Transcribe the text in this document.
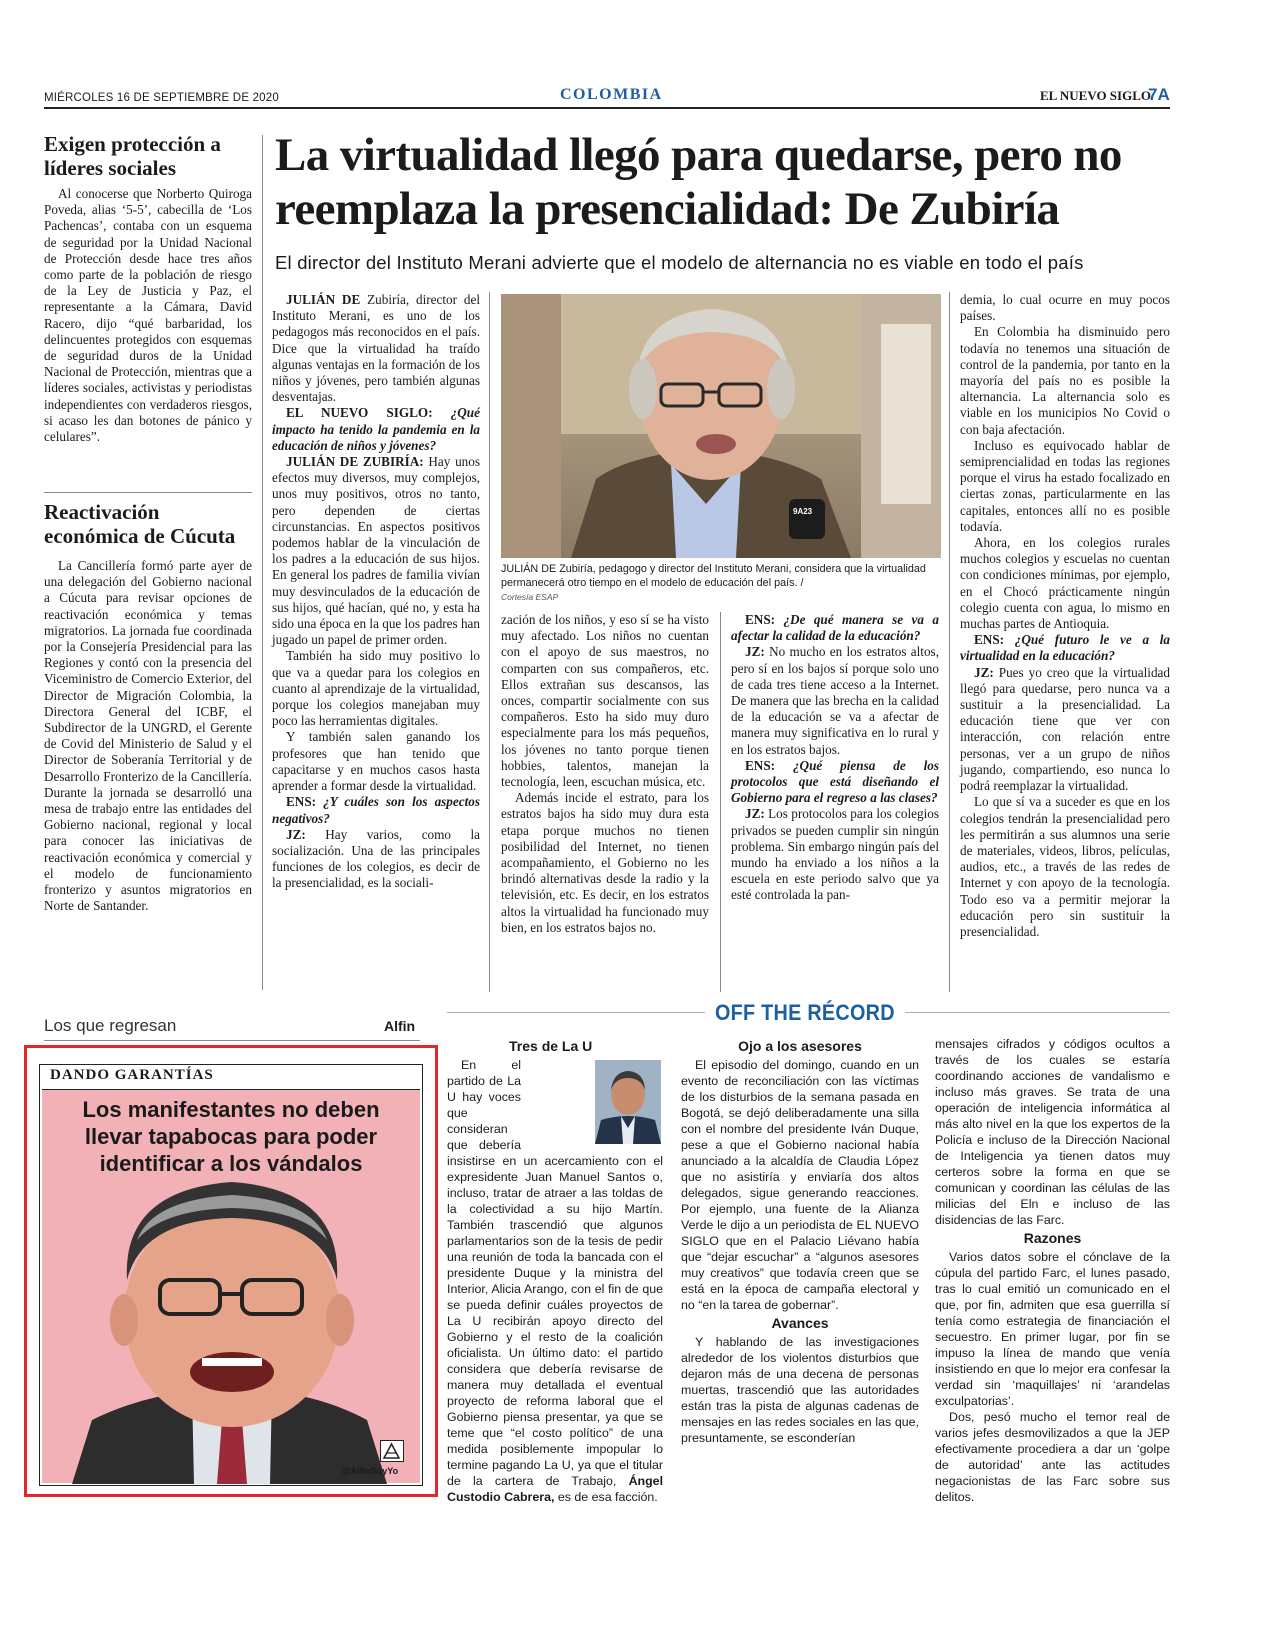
MIÉRCOLES 16 DE SEPTIEMBRE DE 2020	COLOMBIA	EL NUEVO SIGLO
7A
Exigen protección a líderes sociales

Al conocerse que Norberto Quiroga Poveda, alias ‘5-5’, cabecilla de ‘Los Pachencas’, contaba con un esquema de seguridad por la Unidad Nacional de Protección desde hace tres años como parte de la población de riesgo de la Ley de Justicia y Paz, el representante a la Cámara, David Racero, dijo “qué barbaridad, los delincuentes protegidos con esquemas de seguridad duros de la Unidad Nacional de Protección, mientras que a líderes sociales, activistas y periodistas independientes con verdaderos riesgos, si acaso les dan botones de pánico y celulares”.

Reactivación económica de Cúcuta

La Cancillería formó parte ayer de una delegación del Gobierno nacional a Cúcuta para revisar opciones de reactivación económica y temas migratorios. La jornada fue coordinada por la Consejería Presidencial para las Regiones y contó con la presencia del Viceministro de Comercio Exterior, del Director de Migración Colombia, la Directora General del ICBF, el Subdirector de la UNGRD, el Gerente de Covid del Ministerio de Salud y el Director de Soberanía Territorial y de Desarrollo Fronterizo de la Cancillería. Durante la jornada se desarrolló una mesa de trabajo entre las entidades del Gobierno nacional, regional y local para conocer las iniciativas de reactivación económica y comercial y el modelo de funcionamiento fronterizo y asuntos migratorios en Norte de Santander.

La virtualidad llegó para quedarse, pero no reemplaza la presencialidad: De Zubiría
El director del Instituto Merani advierte que el modelo de alternancia no es viable en todo el país

JULIÁN DE Zubiría, director del Instituto Merani, es uno de los pedagogos más reconocidos en el país. Dice que la virtualidad ha traído algunas ventajas en la formación de los niños y jóvenes, pero también algunas desventajas.

EL NUEVO SIGLO: ¿Qué impacto ha tenido la pandemia en la educación de niños y jóvenes?

JULIÁN DE ZUBIRÍA: Hay unos efectos muy diversos, muy complejos, unos muy positivos, otros no tanto, pero dependen de ciertas circunstancias. En aspectos positivos podemos hablar de la vinculación de los padres a la educación de sus hijos. En general los padres de familia vivían muy desvinculados de la educación de sus hijos, qué hacían, qué no, y esta ha sido una época en la que los padres han jugado un papel de primer orden.

También ha sido muy positivo lo que va a quedar para los colegios en cuanto al aprendizaje de la virtualidad, porque los colegios manejaban muy poco las herramientas digitales.

Y también salen ganando los profesores que han tenido que capacitarse y en muchos casos hasta aprender a formar desde la virtualidad.

ENS: ¿Y cuáles son los aspectos negativos?

JZ: Hay varios, como la socialización. Una de las principales funciones de los colegios, es decir de la presencialidad, es la sociali-

9A23
JULIÁN DE Zubiría, pedagogo y director del Instituto Merani, considera que la virtualidad permanecerá otro tiempo en el modelo de educación del país. /
Cortesía ESAP

zación de los niños, y eso sí se ha visto muy afectado. Los niños no cuentan con el apoyo de sus maestros, no comparten con sus compañeros, etc. Ellos extrañan sus descansos, las onces, compartir socialmente con sus compañeros. Esto ha sido muy duro especialmente para los más pequeños, los jóvenes no tanto porque tienen hobbies, talentos, manejan la tecnología, leen, escuchan música, etc.

Además incide el estrato, para los estratos bajos ha sido muy dura esta etapa porque muchos no tienen posibilidad del Internet, no tienen acompañamiento, el Gobierno no les brindó alternativas desde la radio y la televisión, etc. Es decir, en los estratos altos la virtualidad ha funcionado muy bien, en los estratos bajos no.

ENS: ¿De qué manera se va a afectar la calidad de la educación?

JZ: No mucho en los estratos altos, pero sí en los bajos sí porque solo uno de cada tres tiene acceso a la Internet. De manera que las brecha en la calidad de la educación se va a afectar de manera muy significativa en lo rural y en los estratos bajos.

ENS: ¿Qué piensa de los protocolos que está diseñando el Gobierno para el regreso a las clases?

JZ: Los protocolos para los colegios privados se pueden cumplir sin ningún problema. Sin embargo ningún país del mundo ha enviado a los niños a la escuela en este periodo salvo que ya esté controlada la pan-

demia, lo cual ocurre en muy pocos países.

En Colombia ha disminuido pero todavía no tenemos una situación de control de la pandemia, por tanto en la mayoría del país no es posible la alternancia. La alternancia solo es viable en los municipios No Covid o con baja afectación.

Incluso es equivocado hablar de semiprencialidad en todas las regiones porque el virus ha estado focalizado en ciertas zonas, particularmente en las capitales, entonces allí no es posible todavía.

Ahora, en los colegios rurales muchos colegios y escuelas no cuentan con condiciones mínimas, por ejemplo, en el Chocó prácticamente ningún colegio cuenta con agua, lo mismo en muchas partes de Antioquia.

ENS: ¿Qué futuro le ve a la virtualidad en la educación?

JZ: Pues yo creo que la virtualidad llegó para quedarse, pero nunca va a sustituir a la presencialidad. La educación tiene que ver con interacción, con relación entre personas, ver a un grupo de niños jugando, compartiendo, eso nunca lo podrá reemplazar la virtualidad.

Lo que sí va a suceder es que en los colegios tendrán la presencialidad pero les permitirán a sus alumnos una serie de materiales, videos, libros, películas, audios, etc., a través de las redes de Internet y con apoyo de la tecnología. Todo eso va a permitir mejorar la educación pero sin sustituir la presencialidad.

Los que regresan	Alfin
DANDO GARANTÍAS
Los manifestantes no deben llevar tapabocas para poder identificar a los vándalos
@AlfinSoyYo
OFF THE RÉCORD
Tres de La U

En el partido de La U hay voces que consideran que debería insistirse en un acercamiento con el expresidente Juan Manuel Santos o, incluso, tratar de atraer a las toldas de la colectividad a su hijo Martín. También trascendió que algunos parlamentarios son de la tesis de pedir una reunión de toda la bancada con el presidente Duque y la ministra del Interior, Alicia Arango, con el fin de que se pueda definir cuáles proyectos de La U recibirán apoyo directo del Gobierno y el resto de la coalición oficialista. Un último dato: el partido considera que debería revisarse de manera muy detallada el eventual proyecto de reforma laboral que el Gobierno piensa presentar, ya que se teme que “el costo político” de una medida posiblemente impopular lo termine pagando La U, ya que el titular de la cartera de Trabajo, Ángel Custodio Cabrera, es de esa facción.

Ojo a los asesores

El episodio del domingo, cuando en un evento de reconciliación con las víctimas de los disturbios de la semana pasada en Bogotá, se dejó deliberadamente una silla con el nombre del presidente Iván Duque, pese a que el Gobierno nacional había anunciado a la alcaldía de Claudia López que no asistiría y enviaría dos altos delegados, sigue generando reacciones. Por ejemplo, una fuente de la Alianza Verde le dijo a un periodista de EL NUEVO SIGLO que en el Palacio Liévano había que “dejar escuchar” a “algunos asesores muy creativos” que todavía creen que se está en la época de campaña electoral y no “en la tarea de gobernar”.

Avances

Y hablando de las investigaciones alrededor de los violentos disturbios que dejaron más de una decena de personas muertas, trascendió que las autoridades están tras la pista de algunas cadenas de mensajes en las redes sociales en las que, presuntamente, se esconderían

mensajes cifrados y códigos ocultos a través de los cuales se estaría coordinando acciones de vandalismo e incluso más graves. Se trata de una operación de inteligencia informática al más alto nivel en la que los expertos de la Policía e incluso de la Dirección Nacional de Inteligencia ya tienen datos muy certeros sobre la forma en que se comunican y coordinan las células de las milicias del Eln e incluso de las disidencias de las Farc.

Razones

Varios datos sobre el cónclave de la cúpula del partido Farc, el lunes pasado, tras lo cual emitió un comunicado en el que, por fin, admiten que esa guerrilla sí tenía como estrategia de financiación el secuestro. En primer lugar, por fin se impuso la línea de mando que venía insistiendo en que lo mejor era confesar la verdad sin ‘maquillajes’ ni ‘arandelas exculpatorias’.

Dos, pesó mucho el temor real de varios jefes desmovilizados a que la JEP efectivamente procediera a dar un ‘golpe de autoridad’ ante las actitudes negacionistas de las Farc sobre sus delitos.
